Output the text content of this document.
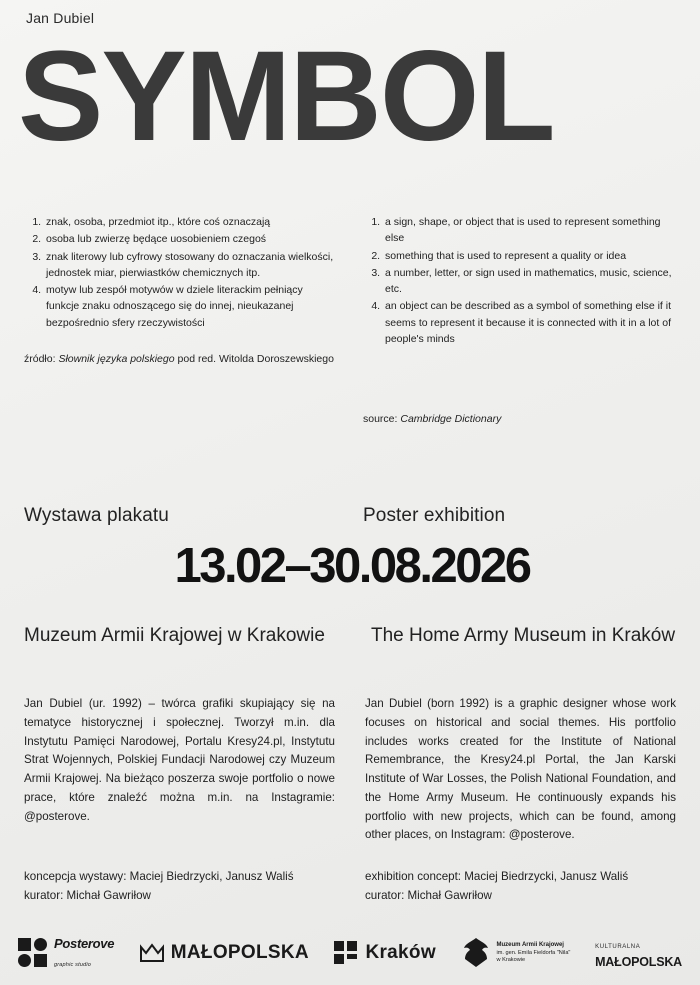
Jan Dubiel
SYMBOL
1. znak, osoba, przedmiot itp., które coś oznaczają
2. osoba lub zwierzę będące uosobieniem czegoś
3. znak literowy lub cyfrowy stosowany do oznaczania wielkości, jednostek miar, pierwiastków chemicznych itp.
4. motyw lub zespół motywów w dziele literackim pełniący funkcje znaku odnoszącego się do innej, nieukazanej bezpośrednio sfery rzeczywistości
źródło: Słownik języka polskiego pod red. Witolda Doroszewskiego
1. a sign, shape, or object that is used to represent something else
2. something that is used to represent a quality or idea
3. a number, letter, or sign used in mathematics, music, science, etc.
4. an object can be described as a symbol of something else if it seems to represent it because it is connected with it in a lot of people's minds
source: Cambridge Dictionary
Wystawa plakatu	Poster exhibition
13.02–30.08.2026
Muzeum Armii Krajowej w Krakowie The Home Army Museum in Kraków
Jan Dubiel (ur. 1992) – twórca grafiki skupiający się na tematyce historycznej i społecznej. Tworzył m.in. dla Instytutu Pamięci Narodowej, Portalu Kresy24.pl, Instytutu Strat Wojennych, Polskiej Fundacji Narodowej czy Muzeum Armii Krajowej. Na bieżąco poszerza swoje portfolio o nowe prace, które znaleźć można m.in. na Instagramie: @posterove.
Jan Dubiel (born 1992) is a graphic designer whose work focuses on historical and social themes. His portfolio includes works created for the Institute of National Remembrance, the Kresy24.pl Portal, the Jan Karski Institute of War Losses, the Polish National Foundation, and the Home Army Museum. He continuously expands his portfolio with new projects, which can be found, among other places, on Instagram: @posterove.
koncepcja wystawy: Maciej Biedrzycki, Janusz Waliś
kurator: Michał Gawriłow
exhibition concept: Maciej Biedrzycki, Janusz Waliś
curator: Michał Gawriłow
Posterove
graphic studio
MAŁOPOLSKA	Kraków	Muzeum Armii Krajowej
im. gen. Emila Fieldorfa "Nila" w Krakowie
KULTURALNA
MAŁOPOLSKA
